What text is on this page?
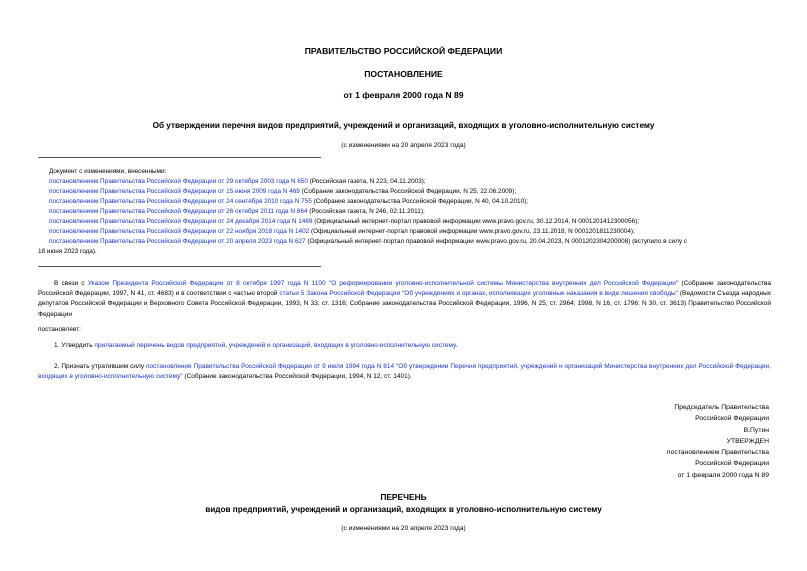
ПРАВИТЕЛЬСТВО РОССИЙСКОЙ ФЕДЕРАЦИИ
ПОСТАНОВЛЕНИЕ
от 1 февраля 2000 года N 89
Об утверждении перечня видов предприятий, учреждений и организаций, входящих в уголовно-исполнительную систему
(с изменениями на 20 апреля 2023 года)
Документ с изменениями, внесенными:
постановлением Правительства Российской Федерации от 29 октября 2003 года N 650 (Российская газета, N 223, 04.11.2003);
постановлением Правительства Российской Федерации от 15 июня 2009 года N 469 (Собрание законодательства Российской Федерации, N 25, 22.06.2009);
постановлением Правительства Российской Федерации от 24 сентября 2010 года N 755 (Собрание законодательства Российской Федерации, N 40, 04.10.2010);
постановлением Правительства Российской Федерации от 26 октября 2011 года N 864 (Российская газета, N 246, 02.11.2011);
постановлением Правительства Российской Федерации от 24 декабря 2014 года N 1469 (Официальный интернет-портал правовой информации www.pravo.gov.ru, 30.12.2014, N 0001201412300056);
постановлением Правительства Российской Федерации от 22 ноября 2018 года N 1402 (Официальный интернет-портал правовой информации www.pravo.gov.ru, 23.11.2018, N 0001201811230004);
постановлением Правительства Российской Федерации от 20 апреля 2023 года N 627 (Официальный интернет-портал правовой информации www.pravo.gov.ru, 20.04.2023, N 0001202304200008) (вступило в силу с
18 июня 2023 года).
В связи с Указом Президента Российской Федерации от 8 октября 1997 года N 1100 "О реформировании уголовно-исполнительной системы Министерства внутренних дел Российской Федерации" (Собрание законодательства Российской Федерации, 1997, N 41, ст. 4683) и в соответствии с частью второй статьи 5 Закона Российской Федерации "Об учреждениях и органах, исполняющих уголовные наказания в виде лишения свободы" (Ведомости Съезда народных депутатов Российской Федерации и Верховного Совета Российской Федерации, 1993, N 33, ст. 1316; Собрание законодательства Российской Федерации, 1996, N 25, ст. 2964; 1998, N 16, ст. 1796; N 30, ст. 3613) Правительство Российской Федерации
постановляет:
1. Утвердить прилагаемый перечень видов предприятий, учреждений и организаций, входящих в уголовно-исполнительную систему.
2. Признать утратившим силу постановление Правительства Российской Федерации от 9 июля 1994 года N 814 "Об утверждении Перечня предприятий, учреждений и организаций Министерства внутренних дел Российской Федерации, входящих в уголовно-исполнительную систему" (Собрание законодательства Российской Федерации, 1994, N 12, ст. 1401).
Председатель Правительства
Российской Федерации
В.Путин
УТВЕРЖДЕН
постановлением Правительства
Российской Федерации
от 1 февраля 2000 года N 89
ПЕРЕЧЕНЬ
видов предприятий, учреждений и организаций, входящих в уголовно-исполнительную систему
(с изменениями на 20 апреля 2023 года)
